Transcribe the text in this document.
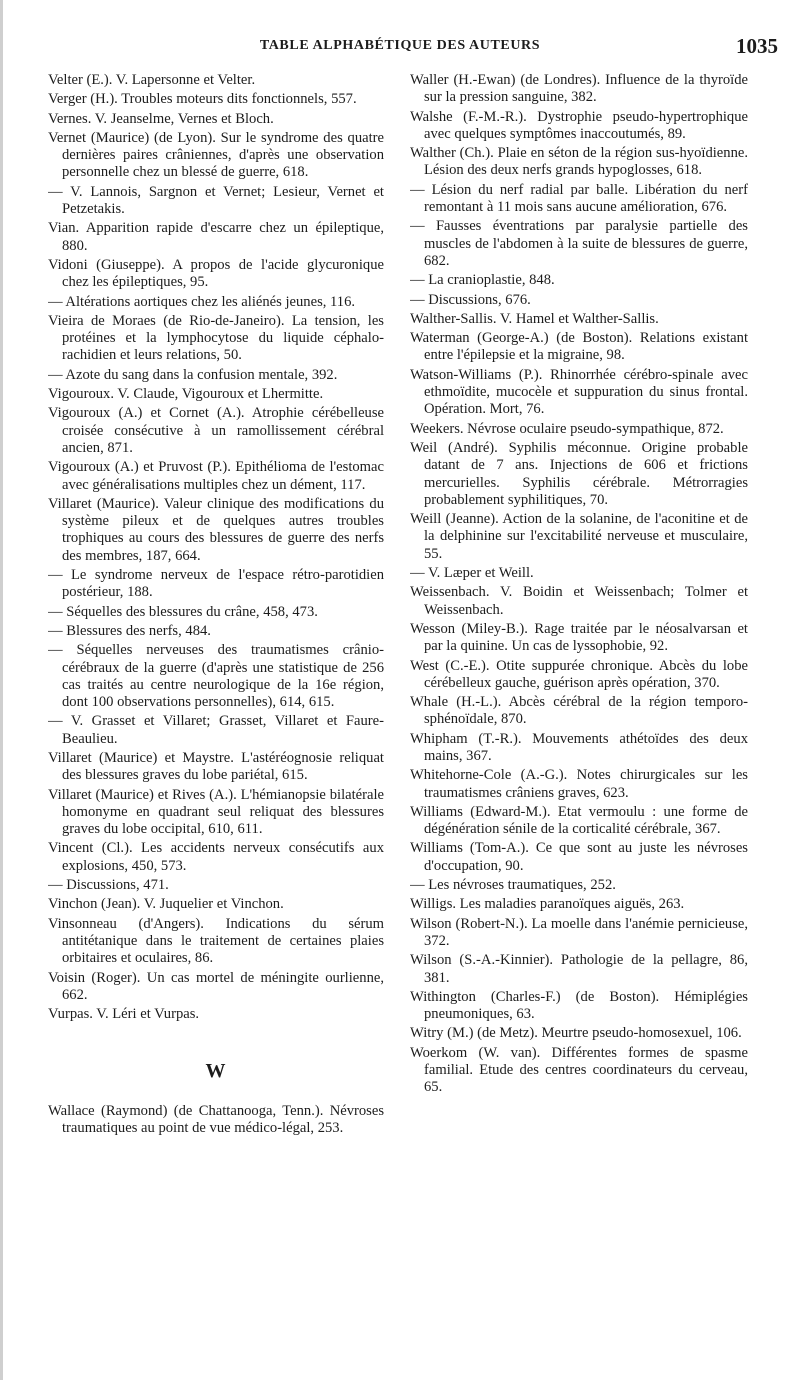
TABLE ALPHABÉTIQUE DES AUTEURS	1035

Velter (E.). V. Lapersonne et Velter.

Verger (H.). Troubles moteurs dits fonctionnels, 557.

Vernes. V. Jeanselme, Vernes et Bloch.

Vernet (Maurice) (de Lyon). Sur le syndrome des quatre dernières paires crâniennes, d'après une observation personnelle chez un blessé de guerre, 618.

— V. Lannois, Sargnon et Vernet; Lesieur, Vernet et Petzetakis.

Vian. Apparition rapide d'escarre chez un épileptique, 880.

Vidoni (Giuseppe). A propos de l'acide glycuronique chez les épileptiques, 95.

— Altérations aortiques chez les aliénés jeunes, 116.

Vieira de Moraes (de Rio-de-Janeiro). La tension, les protéines et la lymphocytose du liquide céphalo-rachidien et leurs relations, 50.

— Azote du sang dans la confusion mentale, 392.

Vigouroux. V. Claude, Vigouroux et Lhermitte.

Vigouroux (A.) et Cornet (A.). Atrophie cérébelleuse croisée consécutive à un ramollissement cérébral ancien, 871.

Vigouroux (A.) et Pruvost (P.). Epithélioma de l'estomac avec généralisations multiples chez un dément, 117.

Villaret (Maurice). Valeur clinique des modifications du système pileux et de quelques autres troubles trophiques au cours des blessures de guerre des nerfs des membres, 187, 664.

— Le syndrome nerveux de l'espace rétro-parotidien postérieur, 188.

— Séquelles des blessures du crâne, 458, 473.

— Blessures des nerfs, 484.

— Séquelles nerveuses des traumatismes crânio-cérébraux de la guerre (d'après une statistique de 256 cas traités au centre neurologique de la 16e région, dont 100 observations personnelles), 614, 615.

— V. Grasset et Villaret; Grasset, Villaret et Faure-Beaulieu.

Villaret (Maurice) et Maystre. L'astéréognosie reliquat des blessures graves du lobe pariétal, 615.

Villaret (Maurice) et Rives (A.). L'hémianopsie bilatérale homonyme en quadrant seul reliquat des blessures graves du lobe occipital, 610, 611.

Vincent (Cl.). Les accidents nerveux consécutifs aux explosions, 450, 573.

— Discussions, 471.

Vinchon (Jean). V. Juquelier et Vinchon.

Vinsonneau (d'Angers). Indications du sérum antitétanique dans le traitement de certaines plaies orbitaires et oculaires, 86.

Voisin (Roger). Un cas mortel de méningite ourlienne, 662.

Vurpas. V. Léri et Vurpas.

W

Wallace (Raymond) (de Chattanooga, Tenn.). Névroses traumatiques au point de vue médico-légal, 253.

Waller (H.-Ewan) (de Londres). Influence de la thyroïde sur la pression sanguine, 382.

Walshe (F.-M.-R.). Dystrophie pseudo-hypertrophique avec quelques symptômes inaccoutumés, 89.

Walther (Ch.). Plaie en séton de la région sus-hyoïdienne. Lésion des deux nerfs grands hypoglosses, 618.

— Lésion du nerf radial par balle. Libération du nerf remontant à 11 mois sans aucune amélioration, 676.

— Fausses éventrations par paralysie partielle des muscles de l'abdomen à la suite de blessures de guerre, 682.

— La cranioplastie, 848.

— Discussions, 676.

Walther-Sallis. V. Hamel et Walther-Sallis.

Waterman (George-A.) (de Boston). Relations existant entre l'épilepsie et la migraine, 98.

Watson-Williams (P.). Rhinorrhée cérébro-spinale avec ethmoïdite, mucocèle et suppuration du sinus frontal. Opération. Mort, 76.

Weekers. Névrose oculaire pseudo-sympathique, 872.

Weil (André). Syphilis méconnue. Origine probable datant de 7 ans. Injections de 606 et frictions mercurielles. Syphilis cérébrale. Métrorragies probablement syphilitiques, 70.

Weill (Jeanne). Action de la solanine, de l'aconitine et de la delphinine sur l'excitabilité nerveuse et musculaire, 55.

— V. Læper et Weill.

Weissenbach. V. Boidin et Weissenbach; Tolmer et Weissenbach.

Wesson (Miley-B.). Rage traitée par le néosalvarsan et par la quinine. Un cas de lyssophobie, 92.

West (C.-E.). Otite suppurée chronique. Abcès du lobe cérébelleux gauche, guérison après opération, 370.

Whale (H.-L.). Abcès cérébral de la région temporo-sphénoïdale, 870.

Whipham (T.-R.). Mouvements athétoïdes des deux mains, 367.

Whitehorne-Cole (A.-G.). Notes chirurgicales sur les traumatismes crâniens graves, 623.

Williams (Edward-M.). Etat vermoulu : une forme de dégénération sénile de la corticalité cérébrale, 367.

Williams (Tom-A.). Ce que sont au juste les névroses d'occupation, 90.

— Les névroses traumatiques, 252.

Willigs. Les maladies paranoïques aiguës, 263.

Wilson (Robert-N.). La moelle dans l'anémie pernicieuse, 372.

Wilson (S.-A.-Kinnier). Pathologie de la pellagre, 86, 381.

Withington (Charles-F.) (de Boston). Hémiplégies pneumoniques, 63.

Witry (M.) (de Metz). Meurtre pseudo-homosexuel, 106.

Woerkom (W. van). Différentes formes de spasme familial. Etude des centres coordinateurs du cerveau, 65.
